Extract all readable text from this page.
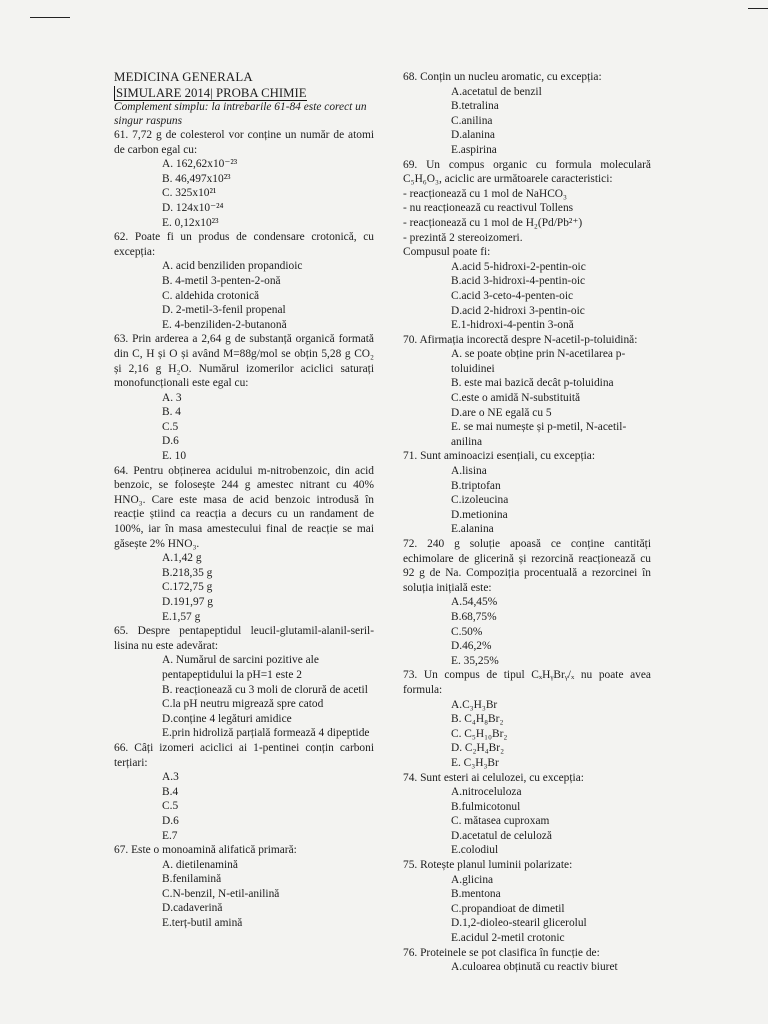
MEDICINA GENERALA

SIMULARE 2014| PROBA CHIMIE

Complement simplu: la intrebarile 61-84 este corect un singur raspuns

61. 7,72 g de colesterol vor conține un număr de atomi de carbon egal cu:

A. 162,62x10⁻²³

B. 46,497x10²³

C. 325x10²¹

D. 124x10⁻²⁴

E. 0,12x10²³

62. Poate fi un produs de condensare crotonică, cu excepția:

A. acid benziliden propandioic

B. 4-metil 3-penten-2-onă

C. aldehida crotonică

D. 2-metil-3-fenil propenal

E. 4-benziliden-2-butanonă

63. Prin arderea a 2,64 g de substanță organică formată din C, H și O și având M=88g/mol se obțin 5,28 g CO₂ și 2,16 g H₂O. Numărul izomerilor aciclici saturați monofuncționali este egal cu:

A. 3

B. 4

C.5

D.6

E. 10

64. Pentru obținerea acidului m-nitrobenzoic, din acid benzoic, se folosește 244 g amestec nitrant cu 40% HNO₃. Care este masa de acid benzoic introdusă în reacție știind ca reacția a decurs cu un randament de 100%, iar în masa amestecului final de reacție se mai găsește 2% HNO₃.

A.1,42 g

B.218,35 g

C.172,75 g

D.191,97 g

E.1,57 g

65. Despre pentapeptidul leucil-glutamil-alanil-seril-lisina nu este adevărat:

A. Numărul de sarcini pozitive ale pentapeptidului la pH=1 este 2

B. reacționează cu 3 moli de clorură de acetil

C.la pH neutru migrează spre catod

D.conține 4 legături amidice

E.prin hidroliză parțială formează 4 dipeptide

66. Câți izomeri aciclici ai 1-pentinei conțin carboni terțiari:

A.3

B.4

C.5

D.6

E.7

67. Este o monoamină alifatică primară:

A. dietilenamină

B.fenilamină

C.N-benzil, N-etil-anilină

D.cadaverină

E.terț-butil amină

68. Conțin un nucleu aromatic, cu excepția:

A.acetatul de benzil

B.tetralina

C.anilina

D.alanina

E.aspirina

69. Un compus organic cu formula moleculară C₅H₆O₃, aciclic are următoarele caracteristici:

- reacționează cu 1 mol de NaHCO₃

- nu reacționează cu reactivul Tollens

- reacționează cu 1 mol de H₂(Pd/Pb²⁺)

- prezintă 2 stereoizomeri.

Compusul poate fi:

A.acid 5-hidroxi-2-pentin-oic

B.acid 3-hidroxi-4-pentin-oic

C.acid 3-ceto-4-penten-oic

D.acid 2-hidroxi 3-pentin-oic

E.1-hidroxi-4-pentin 3-onă

70. Afirmația incorectă despre N-acetil-p-toluidină:

A. se poate obține prin N-acetilarea p-toluidinei

B. este mai bazică decât p-toluidina

C.este o amidă N-substituită

D.are o NE egală cu 5

E. se mai numește și p-metil, N-acetil-anilina

71. Sunt aminoacizi esențiali, cu excepția:

A.lisina

B.triptofan

C.izoleucina

D.metionina

E.alanina

72. 240 g soluție apoasă ce conține cantități echimolare de glicerină și rezorcină reacționează cu 92 g de Na. Compoziția procentuală a rezorcinei în soluția inițială este:

A.54,45%

B.68,75%

C.50%

D.46,2%

E. 35,25%

73. Un compus de tipul CₓHᵧBrᵧ/ₓ nu poate avea formula:

A.C₃H₃Br

B. C₄H₈Br₂

C. C₅H₁₀Br₂

D. C₂H₄Br₂

E. C₃H₃Br

74. Sunt esteri ai celulozei, cu excepția:

A.nitroceluloza

B.fulmicotonul

C. mătasea cuproxam

D.acetatul de celuloză

E.colodiul

75. Rotește planul luminii polarizate:

A.glicina

B.mentona

C.propandioat de dimetil

D.1,2-dioleo-stearil glicerolul

E.acidul 2-metil crotonic

76. Proteinele se pot clasifica în funcție de:

A.culoarea obținută cu reactiv biuret
